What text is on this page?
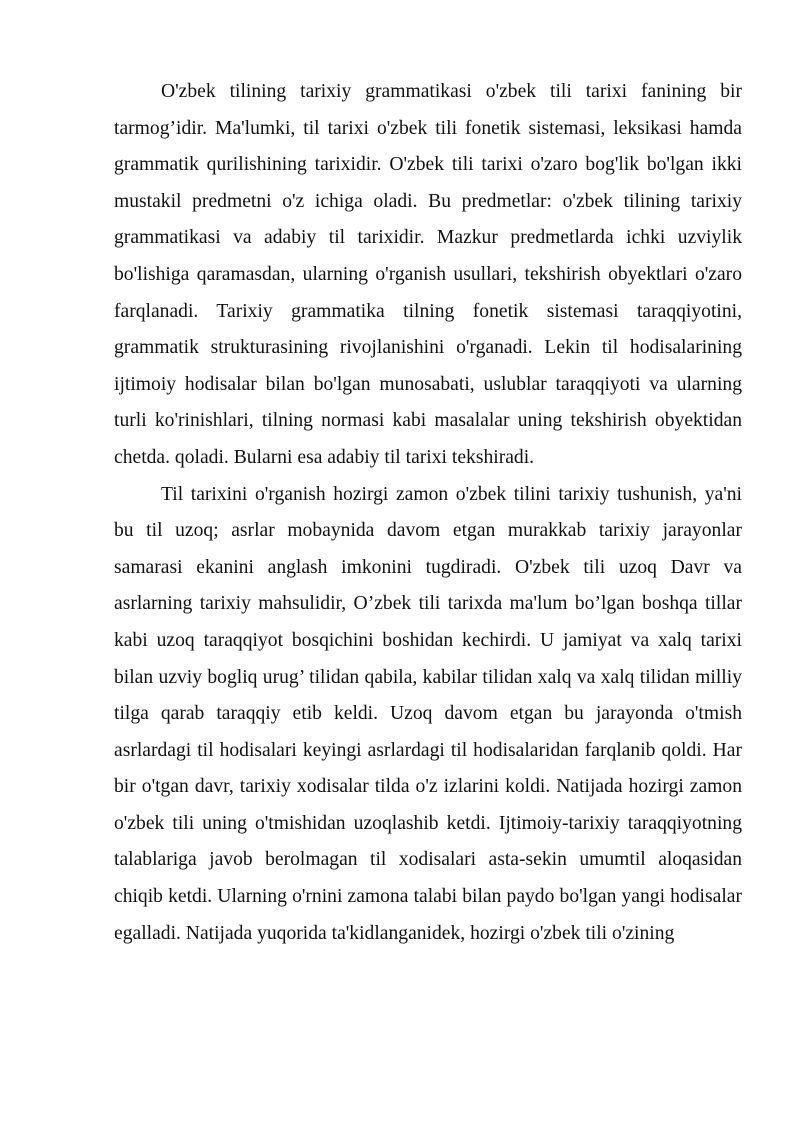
O'zbek tilining tarixiy grammatikasi o'zbek tili tarixi fanining bir tarmog’idir. Ma'lumki, til tarixi o'zbek tili fonetik sistemasi, leksikasi hamda grammatik qurilishining tarixidir. O'zbek tili tarixi o'zaro bog'lik bo'lgan ikki mustakil predmetni o'z ichiga oladi. Bu predmetlar: o'zbek tilining tarixiy grammatikasi va adabiy til tarixidir. Mazkur predmetlarda ichki uzviylik bo'lishiga qaramasdan, ularning o'rganish usullari, tekshirish obyektlari o'zaro farqlanadi. Tarixiy grammatika tilning fonetik sistemasi taraqqiyotini, grammatik strukturasining rivojlanishini o'rganadi. Lekin til hodisalarining ijtimoiy hodisalar bilan bo'lgan munosabati, uslublar taraqqiyoti va ularning turli ko'rinishlari, tilning normasi kabi masalalar uning tekshirish obyektidan chetda. qoladi. Bularni esa adabiy til tarixi tekshiradi.

Til tarixini o'rganish hozirgi zamon o'zbek tilini tarixiy tushunish, ya'ni bu til uzoq; asrlar mobaynida davom etgan murakkab tarixiy jarayonlar samarasi ekanini anglash imkonini tugdiradi. O'zbek tili uzoq Davr va asrlarning tarixiy mahsulidir, O’zbek tili tarixda ma'lum bo’lgan boshqa tillar kabi uzoq taraqqiyot bosqichini boshidan kechirdi. U jamiyat va xalq tarixi bilan uzviy bogliq urug’ tilidan qabila, kabilar tilidan xalq va xalq tilidan milliy tilga qarab taraqqiy etib keldi. Uzoq davom etgan bu jarayonda o'tmish asrlardagi til hodisalari keyingi asrlardagi til hodisalaridan farqlanib qoldi. Har bir o'tgan davr, tarixiy xodisalar tilda o'z izlarini koldi. Natijada hozirgi zamon o'zbek tili uning o'tmishidan uzoqlashib ketdi. Ijtimoiy-tarixiy taraqqiyotning talablariga javob berolmagan til xodisalari asta-sekin umumtil aloqasidan chiqib ketdi. Ularning o'rnini zamona talabi bilan paydo bo'lgan yangi hodisalar egalladi. Natijada yuqorida ta'kidlanganidek, hozirgi o'zbek tili o'zining
